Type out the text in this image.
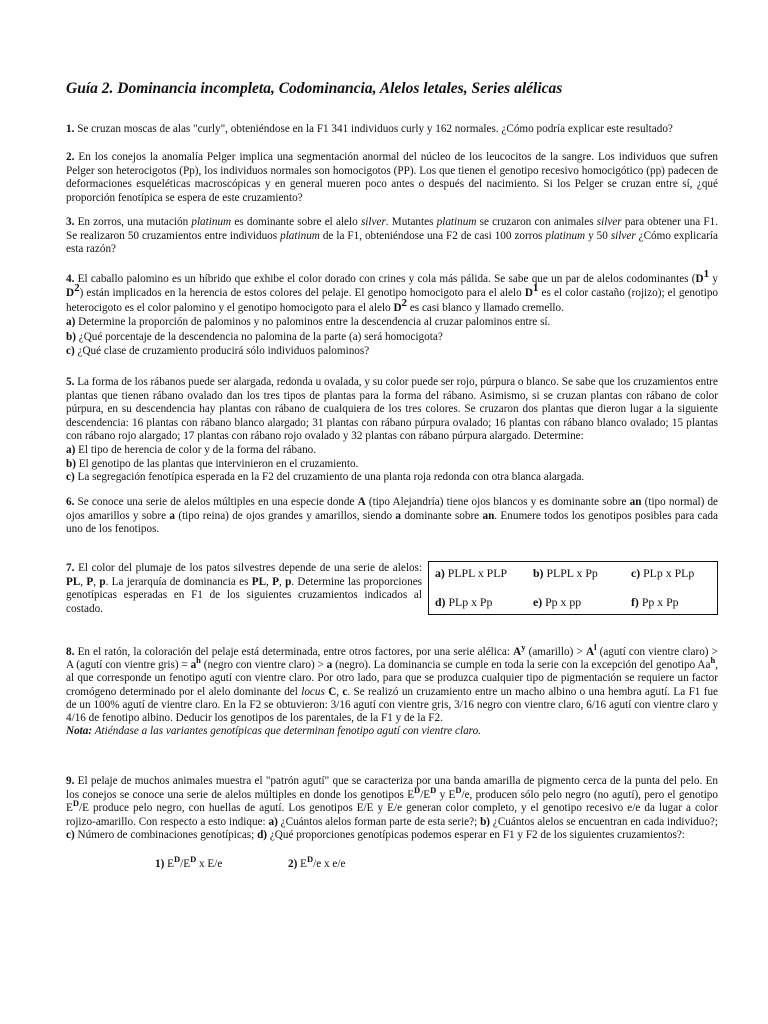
Guía 2. Dominancia incompleta, Codominancia, Alelos letales, Series alélicas

1. Se cruzan moscas de alas "curly", obteniéndose en la F1 341 individuos curly y 162 normales. ¿Cómo podría explicar este resultado?

2. En los conejos la anomalía Pelger implica una segmentación anormal del núcleo de los leucocitos de la sangre. Los individuos que sufren Pelger son heterocigotos (Pp), los individuos normales son homocigotos (PP). Los que tienen el genotipo recesivo homocigótico (pp) padecen de deformaciones esqueléticas macroscópicas y en general mueren poco antes o después del nacimiento. Si los Pelger se cruzan entre sí, ¿qué proporción fenotípica se espera de este cruzamiento?

3. En zorros, una mutación platinum es dominante sobre el alelo silver. Mutantes platinum se cruzaron con animales silver para obtener una F1. Se realizaron 50 cruzamientos entre individuos platinum de la F1, obteniéndose una F2 de casi 100 zorros platinum y 50 silver ¿Cómo explicaría esta razón?

4. El caballo palomino es un híbrido que exhibe el color dorado con crines y cola más pálida. Se sabe que un par de alelos codominantes ($D^1$ y $D^2$) están implicados en la herencia de estos colores del pelaje. El genotipo homocigoto para el alelo $D^1$ es el color castaño (rojizo); el genotipo heterocigoto es el color palomino y el genotipo homocigoto para el alelo $D^2$ es casi blanco y llamado cremello.

a) Determine la proporción de palominos y no palominos entre la descendencia al cruzar palominos entre sí.

b) ¿Qué porcentaje de la descendencia no palomina de la parte (a) será homocigota?

c) ¿Qué clase de cruzamiento producirá sólo individuos palominos?

5. La forma de los rábanos puede ser alargada, redonda u ovalada, y su color puede ser rojo, púrpura o blanco. Se sabe que los cruzamientos entre plantas que tienen rábano ovalado dan los tres tipos de plantas para la forma del rábano. Asimismo, si se cruzan plantas con rábano de color púrpura, en su descendencia hay plantas con rábano de cualquiera de los tres colores. Se cruzaron dos plantas que dieron lugar a la siguiente descendencia: 16 plantas con rábano blanco alargado; 31 plantas con rábano púrpura ovalado; 16 plantas con rábano blanco ovalado; 15 plantas con rábano rojo alargado; 17 plantas con rábano rojo ovalado y 32 plantas con rábano púrpura alargado. Determine:

a) El tipo de herencia de color y de la forma del rábano.

b) El genotipo de las plantas que intervinieron en el cruzamiento.

c) La segregación fenotípica esperada en la F2 del cruzamiento de una planta roja redonda con otra blanca alargada.

6. Se conoce una serie de alelos múltiples en una especie donde A (tipo Alejandría) tiene ojos blancos y es dominante sobre an (tipo normal) de ojos amarillos y sobre a (tipo reina) de ojos grandes y amarillos, siendo a dominante sobre an. Enumere todos los genotipos posibles para cada uno de los fenotipos.

7. El color del plumaje de los patos silvestres depende de una serie de alelos: PL, P, p. La jerarquía de dominancia es PL, P, p. Determine las proporciones genotípicas esperadas en F1 de los siguientes cruzamientos indicados al costado.
a) PLPL x PLP b) PLPL x Pp	c) PLp x PLp
d) PLp x Pp	e) Pp x pp	f) Pp x Pp

8. En el ratón, la coloración del pelaje está determinada, entre otros factores, por una serie alélica: $A^y$ (amarillo) > $A^l$ (agutí con vientre claro) > A (agutí con vientre gris) = $a^h$ (negro con vientre claro) > a (negro). La dominancia se cumple en toda la serie con la excepción del genotipo Aa$^h$, al que corresponde un fenotipo agutí con vientre claro. Por otro lado, para que se produzca cualquier tipo de pigmentación se requiere un factor cromógeno determinado por el alelo dominante del locus C, c. Se realizó un cruzamiento entre un macho albino o una hembra agutí. La F1 fue de un 100% agutí de vientre claro. En la F2 se obtuvieron: 3/16 agutí con vientre gris, 3/16 negro con vientre claro, 6/16 agutí con vientre claro y 4/16 de fenotipo albino. Deducir los genotipos de los parentales, de la F1 y de la F2.

Nota: Atiéndase a las variantes genotípicas que determinan fenotipo agutí con vientre claro.

9. El pelaje de muchos animales muestra el "patrón agutí" que se caracteriza por una banda amarilla de pigmento cerca de la punta del pelo. En los conejos se conoce una serie de alelos múltiples en donde los genotipos $E^D/E^D$ y $E^D/e$, producen sólo pelo negro (no agutí), pero el genotipo $E^D/E$ produce pelo negro, con huellas de agutí. Los genotipos E/E y E/e generan color completo, y el genotipo recesivo e/e da lugar a color rojizo-amarillo. Con respecto a esto indique: a) ¿Cuántos alelos forman parte de esta serie?; b) ¿Cuántos alelos se encuentran en cada individuo?; c) Número de combinaciones genotípicas; d) ¿Qué proporciones genotípicas podemos esperar en F1 y F2 de los siguientes cruzamientos?:

1) $E^D/E^D$ x E/e	2) $E^D/e$ x e/e
